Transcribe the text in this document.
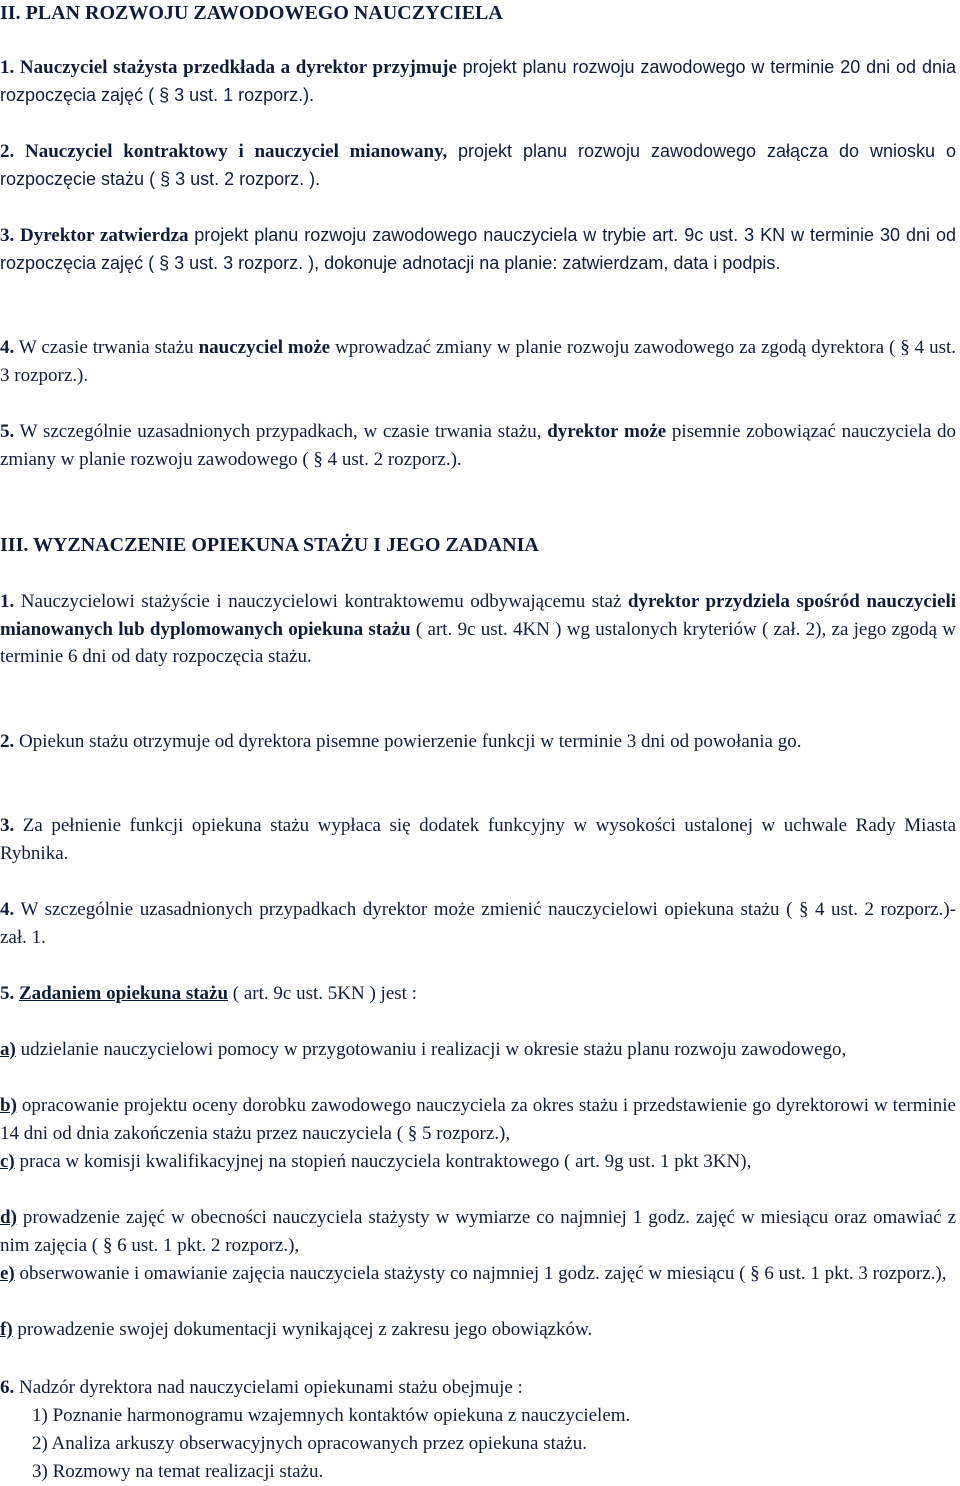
II. PLAN ROZWOJU ZAWODOWEGO NAUCZYCIELA

1. Nauczyciel stażysta przedkłada a dyrektor przyjmuje projekt planu rozwoju zawodowego w terminie 20 dni od dnia rozpoczęcia zajęć ( § 3 ust. 1 rozporz.).

2. Nauczyciel kontraktowy i nauczyciel mianowany, projekt planu rozwoju zawodowego załącza do wniosku o rozpoczęcie stażu ( § 3 ust. 2 rozporz. ).

3. Dyrektor zatwierdza projekt planu rozwoju zawodowego nauczyciela w trybie art. 9c ust. 3 KN w terminie 30 dni od rozpoczęcia zajęć ( § 3 ust. 3 rozporz. ), dokonuje adnotacji na planie: zatwierdzam, data i podpis.

4. W czasie trwania stażu nauczyciel może wprowadzać zmiany w planie rozwoju zawodowego za zgodą dyrektora ( § 4 ust. 3 rozporz.).

5. W szczególnie uzasadnionych przypadkach, w czasie trwania stażu, dyrektor może pisemnie zobowiązać nauczyciela do zmiany w planie rozwoju zawodowego ( § 4 ust. 2 rozporz.).

III. WYZNACZENIE OPIEKUNA STAŻU I JEGO ZADANIA

1. Nauczycielowi stażyście i nauczycielowi kontraktowemu odbywającemu staż dyrektor przydziela spośród nauczycieli mianowanych lub dyplomowanych opiekuna stażu ( art. 9c ust. 4KN ) wg ustalonych kryteriów ( zał. 2), za jego zgodą w terminie 6 dni od daty rozpoczęcia stażu.

2. Opiekun stażu otrzymuje od dyrektora pisemne powierzenie funkcji w terminie 3 dni od powołania go.

3. Za pełnienie funkcji opiekuna stażu wypłaca się dodatek funkcyjny w wysokości ustalonej w uchwale Rady Miasta Rybnika.

4. W szczególnie uzasadnionych przypadkach dyrektor może zmienić nauczycielowi opiekuna stażu ( § 4 ust. 2 rozporz.)- zał. 1.

5. Zadaniem opiekuna stażu ( art. 9c ust. 5KN ) jest :

a) udzielanie nauczycielowi pomocy w przygotowaniu i realizacji w okresie stażu planu rozwoju zawodowego,

b) opracowanie projektu oceny dorobku zawodowego nauczyciela za okres stażu i przedstawienie go dyrektorowi w terminie 14 dni od dnia zakończenia stażu przez nauczyciela ( § 5 rozporz.),

c) praca w komisji kwalifikacyjnej na stopień nauczyciela kontraktowego ( art. 9g ust. 1 pkt 3KN),

d) prowadzenie zajęć w obecności nauczyciela stażysty w wymiarze co najmniej 1 godz. zajęć w miesiącu oraz omawiać z nim zajęcia ( § 6 ust. 1 pkt. 2 rozporz.),

e) obserwowanie i omawianie zajęcia nauczyciela stażysty co najmniej 1 godz. zajęć w miesiącu ( § 6 ust. 1 pkt. 3 rozporz.),

f) prowadzenie swojej dokumentacji wynikającej z zakresu jego obowiązków.

6. Nadzór dyrektora nad nauczycielami opiekunami stażu obejmuje :

1) Poznanie harmonogramu wzajemnych kontaktów opiekuna z nauczycielem.
2) Analiza arkuszy obserwacyjnych opracowanych przez opiekuna stażu.
3) Rozmowy na temat realizacji stażu.
